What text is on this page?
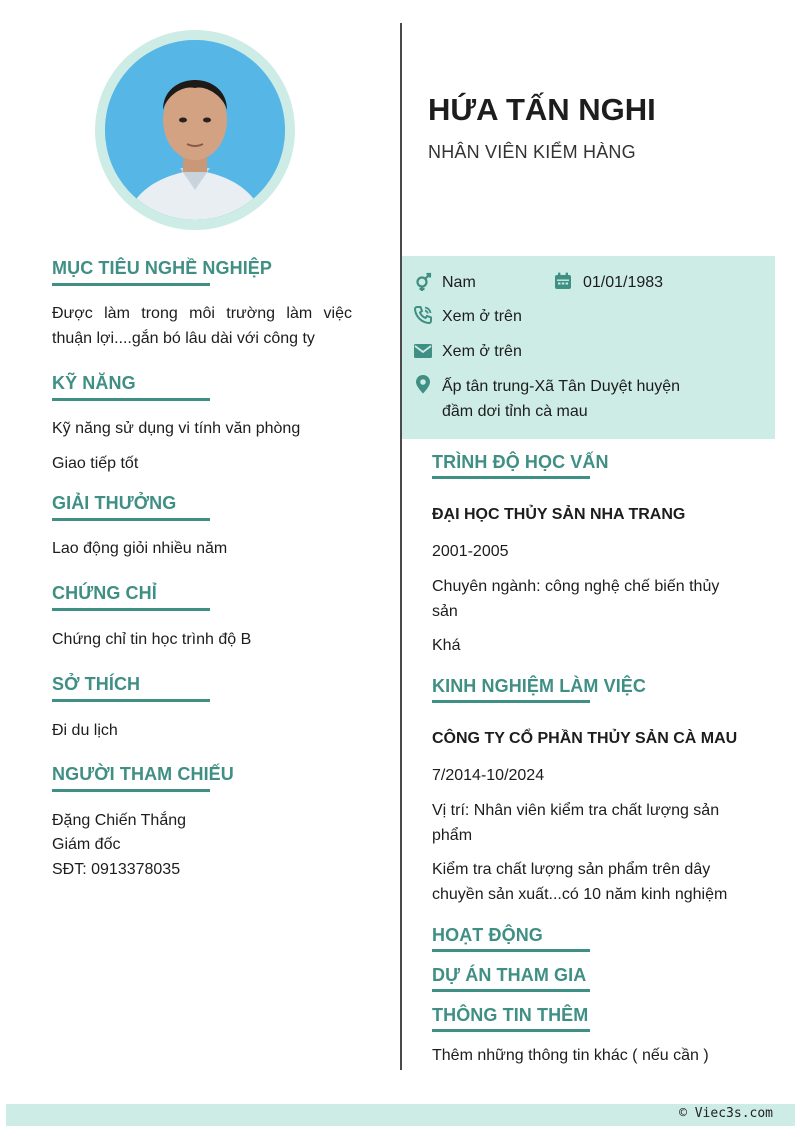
MỤC TIÊU NGHỀ NGHIỆP
Được làm trong môi trường làm việc thuận lợi....gắn bó lâu dài với công ty
KỸ NĂNG
Kỹ năng sử dụng vi tính văn phòng
Giao tiếp tốt
GIẢI THƯỞNG
Lao động giỏi nhiều năm
CHỨNG CHỈ
Chứng chỉ tin học trình độ B
SỞ THÍCH
Đi du lịch
NGƯỜI THAM CHIẾU
Đặng Chiến Thắng
Giám đốc
SĐT: 0913378035
HỨA TẤN NGHI
NHÂN VIÊN KIỂM HÀNG
Nam	01/01/1983
Xem ở trên
Xem ở trên
Ấp tân trung-Xã Tân Duyệt huyện
đầm dơi tỉnh cà mau
TRÌNH ĐỘ HỌC VẤN
ĐẠI HỌC THỦY SẢN NHA TRANG
2001-2005
Chuyên ngành: công nghệ chế biến thủy
sản
Khá
KINH NGHIỆM LÀM VIỆC
CÔNG TY CỔ PHẦN THỦY SẢN CÀ MAU
7/2014-10/2024
Vị trí: Nhân viên kiểm tra chất lượng sản
phẩm
Kiểm tra chất lượng sản phẩm trên dây
chuyền sản xuất...có 10 năm kinh nghiệm
HOẠT ĐỘNG
DỰ ÁN THAM GIA
THÔNG TIN THÊM
Thêm những thông tin khác ( nếu cần )
© Viec3s.com
